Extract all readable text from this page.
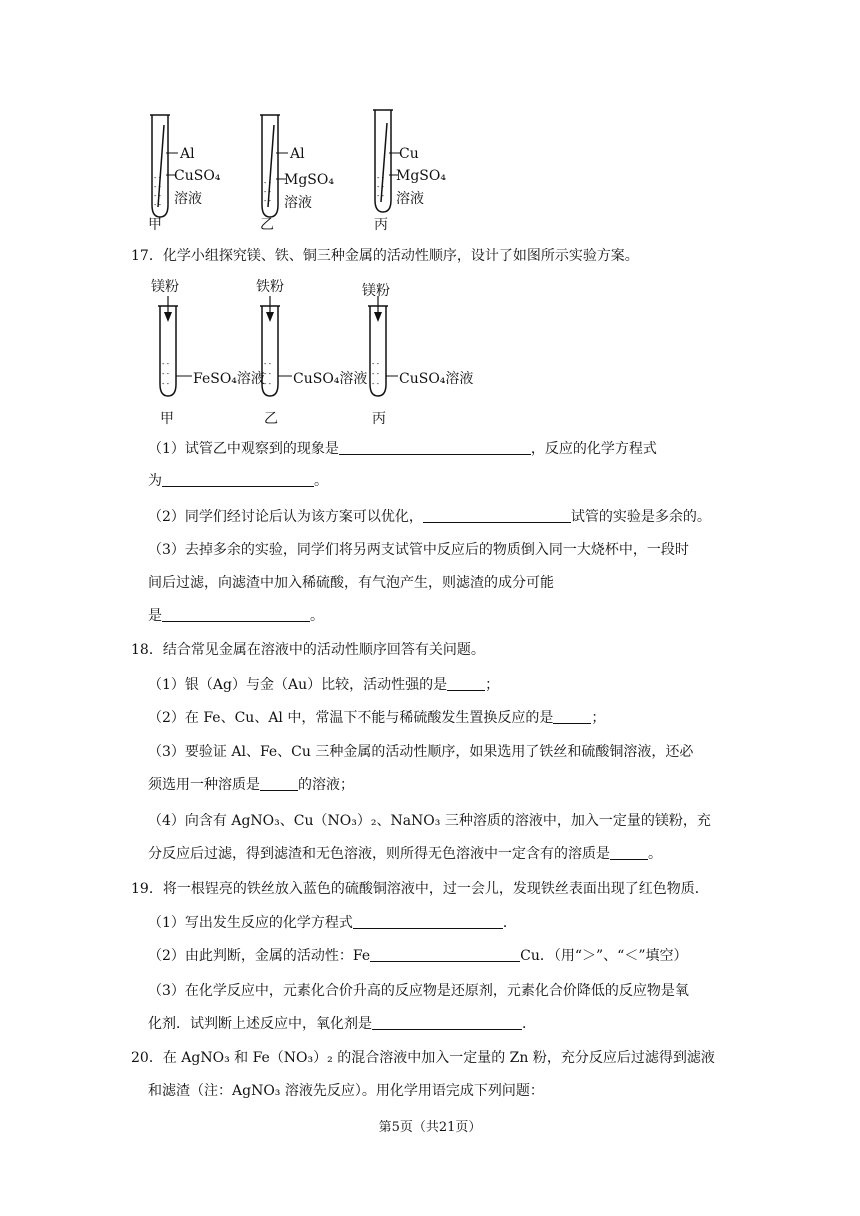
- -
- -
- -
- -
- -
- -
- -
- -
- -
- -
Al
CuSO₄
溶液
甲
Al
MgSO₄
溶液
乙
Cu
MgSO₄
溶液
丙
17．化学小组探究镁、铁、铜三种金属的活动性顺序，设计了如图所示实验方案。
- -
- -
- -
- -
- -
- -
- -
- -
- -
镁粉
FeSO₄溶液
甲
铁粉
CuSO₄溶液
乙
镁粉
CuSO₄溶液
丙
（1）试管乙中观察到的现象是	，反应的化学方程式
为	。
（2）同学们经讨论后认为该方案可以优化，	试管的实验是多余的。
（3）去掉多余的实验，同学们将另两支试管中反应后的物质倒入同一大烧杯中，一段时
间后过滤，向滤渣中加入稀硫酸，有气泡产生，则滤渣的成分可能
是	。
18．结合常见金属在溶液中的活动性顺序回答有关问题。
（1）银（Ag）与金（Au）比较，活动性强的是	；
（2）在 Fe、Cu、Al 中，常温下不能与稀硫酸发生置换反应的是	；
（3）要验证 Al、Fe、Cu 三种金属的活动性顺序，如果选用了铁丝和硫酸铜溶液，还必
须选用一种溶质是	的溶液；
（4）向含有 AgNO₃、Cu（NO₃）₂、NaNO₃ 三种溶质的溶液中，加入一定量的镁粉，充
分反应后过滤，得到滤渣和无色溶液，则所得无色溶液中一定含有的溶质是	。
19．将一根锃亮的铁丝放入蓝色的硫酸铜溶液中，过一会儿，发现铁丝表面出现了红色物质．
（1）写出发生反应的化学方程式	．
（2）由此判断，金属的活动性：Fe	Cu．（用“＞”、“＜”填空）
（3）在化学反应中，元素化合价升高的反应物是还原剂，元素化合价降低的反应物是氧
化剂．试判断上述反应中，氧化剂是	．
20．在 AgNO₃ 和 Fe（NO₃）₂ 的混合溶液中加入一定量的 Zn 粉，充分反应后过滤得到滤液
和滤渣（注：AgNO₃ 溶液先反应）。用化学用语完成下列问题：
第5页（共21页）
